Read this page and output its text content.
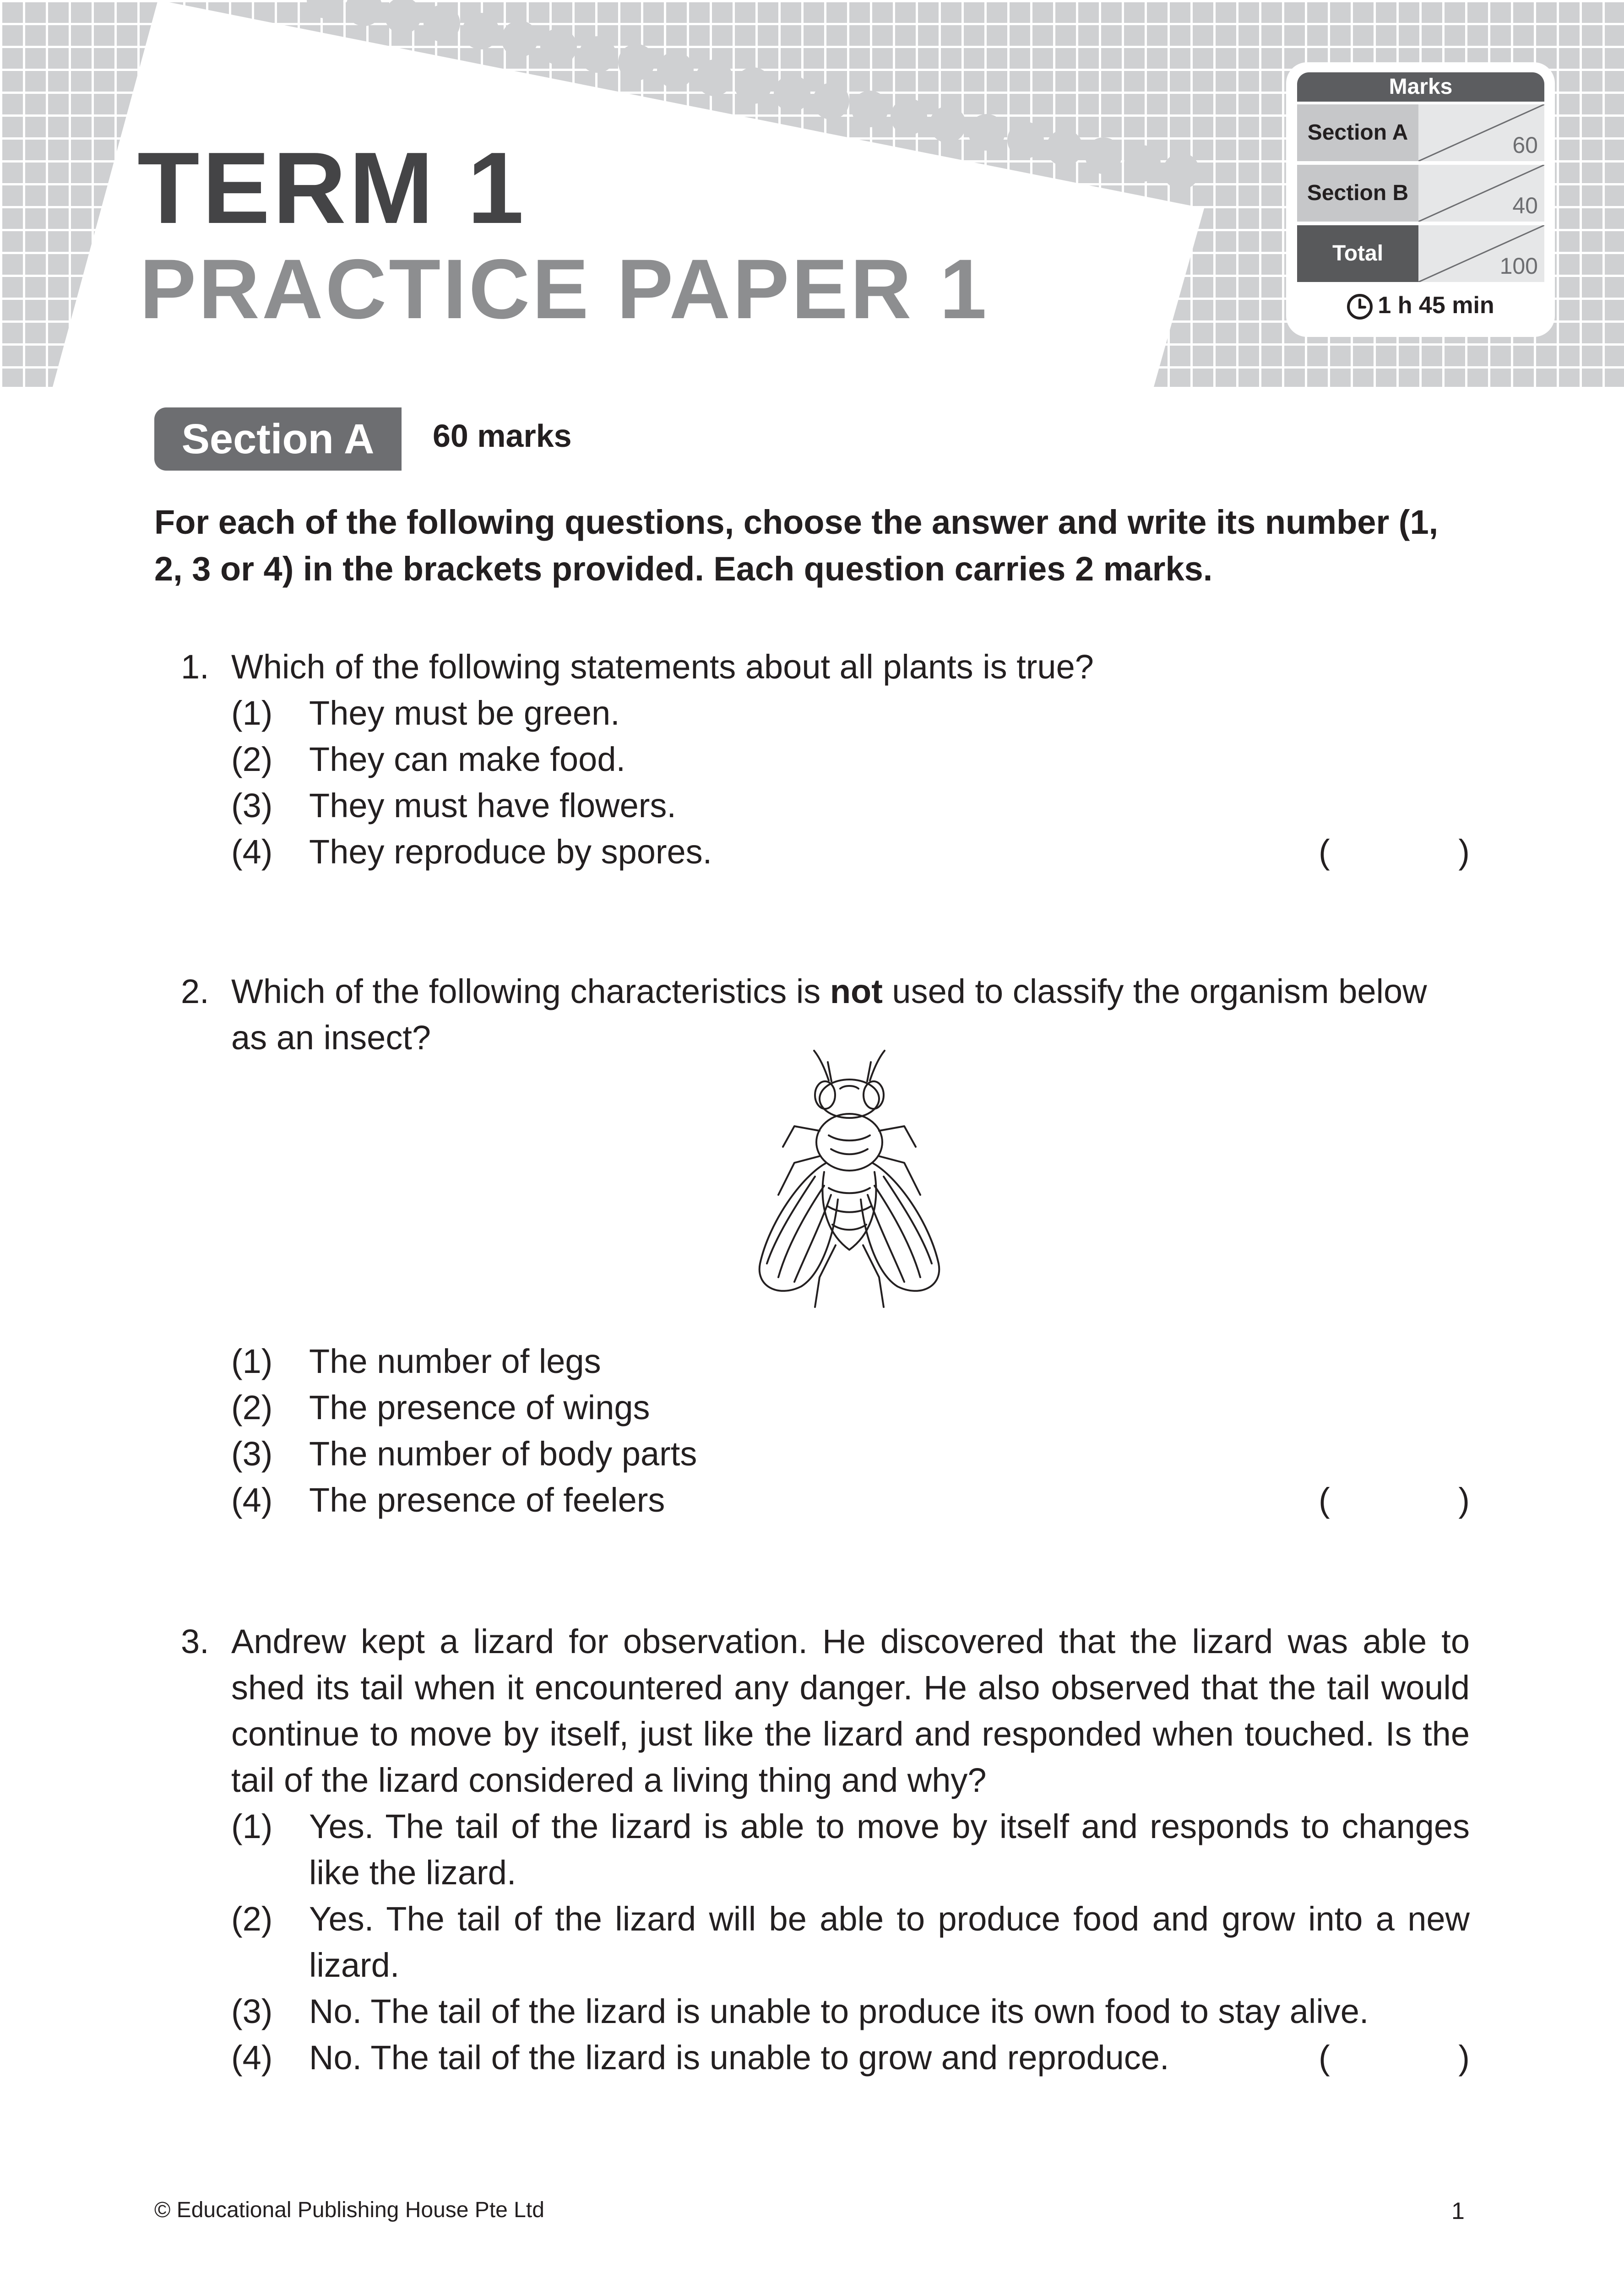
TERM 1
PRACTICE PAPER 1
Marks
Section A	60
Section B	40
Total	100
1 h 45 min
Section A	60 marks

For each of the following questions, choose the answer and write its number (1, 2, 3 or 4) in the brackets provided. Each question carries 2 marks.

1. Which of the following statements about all plants is true?
(1) They must be green.
(2) They can make food.
(3) They must have flowers.
(4) They reproduce by spores.	(	)
2. Which of the following characteristics is not used to classify the organism below as an insect?
(1) The number of legs
(2) The presence of wings
(3) The number of body parts
(4) The presence of feelers	(	)
3. Andrew kept a lizard for observation. He discovered that the lizard was able to shed its tail when it encountered any danger. He also observed that the tail would continue to move by itself, just like the lizard and responded when touched. Is the tail of the lizard considered a living thing and why?
(1) Yes. The tail of the lizard is able to move by itself and responds to changes like the lizard.
(2) Yes. The tail of the lizard will be able to produce food and grow into a new lizard.
(3) No. The tail of the lizard is unable to produce its own food to stay alive.
(4) No. The tail of the lizard is unable to grow and reproduce.	(	)
© Educational Publishing House Pte Ltd	1
